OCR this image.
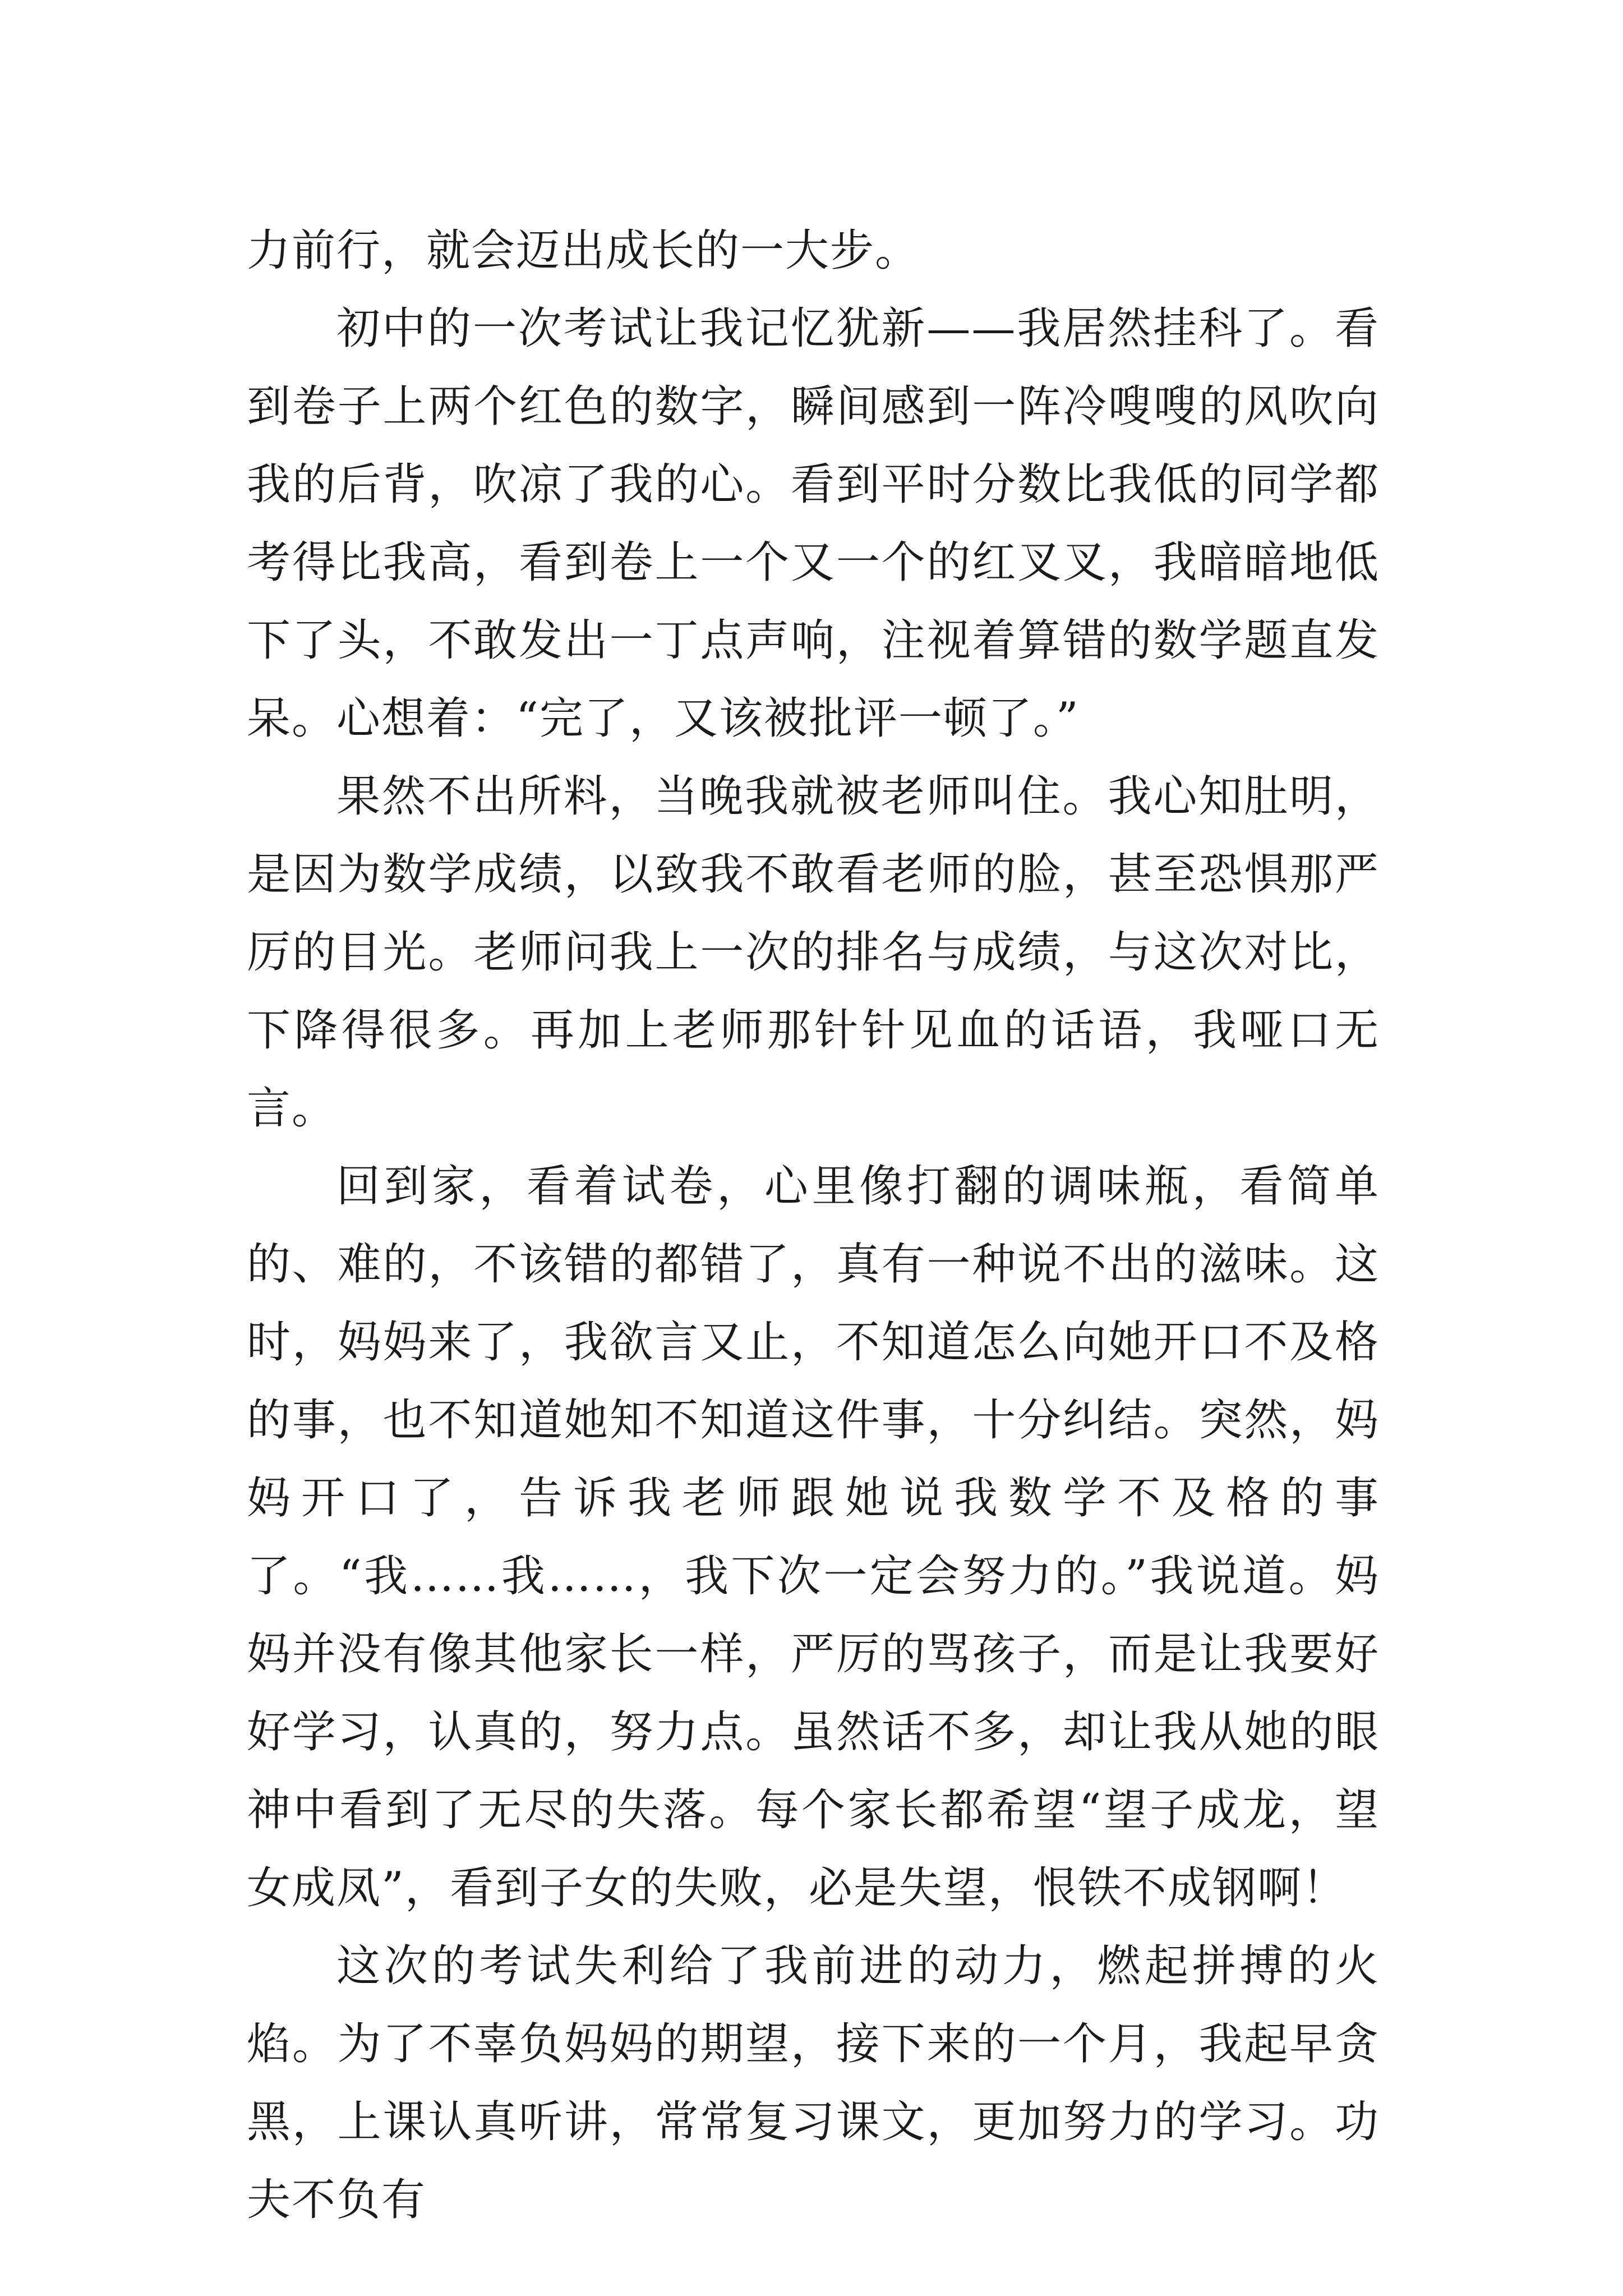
力前行，就会迈出成长的一大步。

初中的一次考试让我记忆犹新——我居然挂科了。看到卷子上两个红色的数字，瞬间感到一阵冷嗖嗖的风吹向我的后背，吹凉了我的心。看到平时分数比我低的同学都考得比我高，看到卷上一个又一个的红叉叉，我暗暗地低下了头，不敢发出一丁点声响，注视着算错的数学题直发呆。心想着：“完了，又该被批评一顿了。”

果然不出所料，当晚我就被老师叫住。我心知肚明，是因为数学成绩，以致我不敢看老师的脸，甚至恐惧那严厉的目光。老师问我上一次的排名与成绩，与这次对比，下降得很多。再加上老师那针针见血的话语，我哑口无言。

回到家，看着试卷，心里像打翻的调味瓶，看简单的、难的，不该错的都错了，真有一种说不出的滋味。这时，妈妈来了，我欲言又止，不知道怎么向她开口不及格的事，也不知道她知不知道这件事，十分纠结。突然，妈妈开口了，告诉我老师跟她说我数学不及格的事了。“我……我……，我下次一定会努力的。”我说道。妈妈并没有像其他家长一样，严厉的骂孩子，而是让我要好好学习，认真的，努力点。虽然话不多，却让我从她的眼神中看到了无尽的失落。每个家长都希望“望子成龙，望女成凤”，看到子女的失败，必是失望，恨铁不成钢啊！

这次的考试失利给了我前进的动力，燃起拼搏的火焰。为了不辜负妈妈的期望，接下来的一个月，我起早贪黑，上课认真听讲，常常复习课文，更加努力的学习。功夫不负有
